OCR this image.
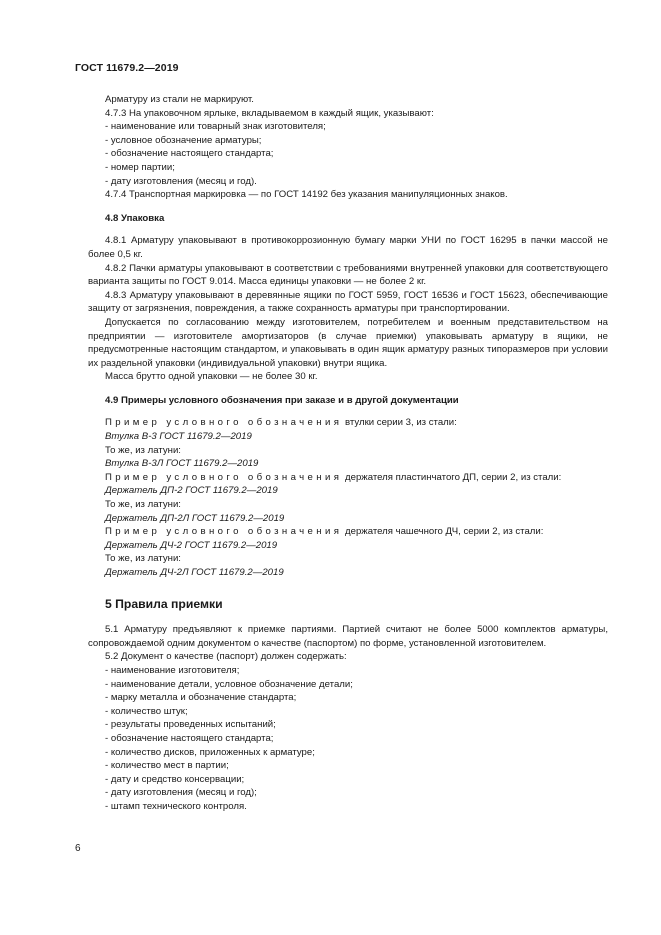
ГОСТ 11679.2—2019

Арматуру из стали не маркируют.

4.7.3 На упаковочном ярлыке, вкладываемом в каждый ящик, указывают:

- наименование или товарный знак изготовителя;

- условное обозначение арматуры;

- обозначение настоящего стандарта;

- номер партии;

- дату изготовления (месяц и год).

4.7.4 Транспортная маркировка — по ГОСТ 14192 без указания манипуляционных знаков.

4.8 Упаковка

4.8.1 Арматуру упаковывают в противокоррозионную бумагу марки УНИ по ГОСТ 16295 в пачки массой не более 0,5 кг.

4.8.2 Пачки арматуры упаковывают в соответствии с требованиями внутренней упаковки для соответствующего варианта защиты по ГОСТ 9.014. Масса единицы упаковки — не более 2 кг.

4.8.3 Арматуру упаковывают в деревянные ящики по ГОСТ 5959, ГОСТ 16536 и ГОСТ 15623, обеспечивающие защиту от загрязнения, повреждения, а также сохранность арматуры при транспортировании.

Допускается по согласованию между изготовителем, потребителем и военным представительством на предприятии — изготовителе амортизаторов (в случае приемки) упаковывать арматуру в ящики, не предусмотренные настоящим стандартом, и упаковывать в один ящик арматуру разных типоразмеров при условии их раздельной упаковки (индивидуальной упаковки) внутри ящика.

Масса брутто одной упаковки — не более 30 кг.

4.9 Примеры условного обозначения при заказе и в другой документации

Пример условного обозначения втулки серии 3, из стали:

Втулка В-3 ГОСТ 11679.2—2019

То же, из латуни:

Втулка В-3Л ГОСТ 11679.2—2019

Пример условного обозначения держателя пластинчатого ДП, серии 2, из стали:

Держатель ДП-2 ГОСТ 11679.2—2019

То же, из латуни:

Держатель ДП-2Л ГОСТ 11679.2—2019

Пример условного обозначения держателя чашечного ДЧ, серии 2, из стали:

Держатель ДЧ-2 ГОСТ 11679.2—2019

То же, из латуни:

Держатель ДЧ-2Л ГОСТ 11679.2—2019

5 Правила приемки

5.1 Арматуру предъявляют к приемке партиями. Партией считают не более 5000 комплектов арматуры, сопровождаемой одним документом о качестве (паспортом) по форме, установленной изготовителем.

5.2 Документ о качестве (паспорт) должен содержать:

- наименование изготовителя;

- наименование детали, условное обозначение детали;

- марку металла и обозначение стандарта;

- количество штук;

- результаты проведенных испытаний;

- обозначение настоящего стандарта;

- количество дисков, приложенных к арматуре;

- количество мест в партии;

- дату и средство консервации;

- дату изготовления (месяц и год);

- штамп технического контроля.

6
